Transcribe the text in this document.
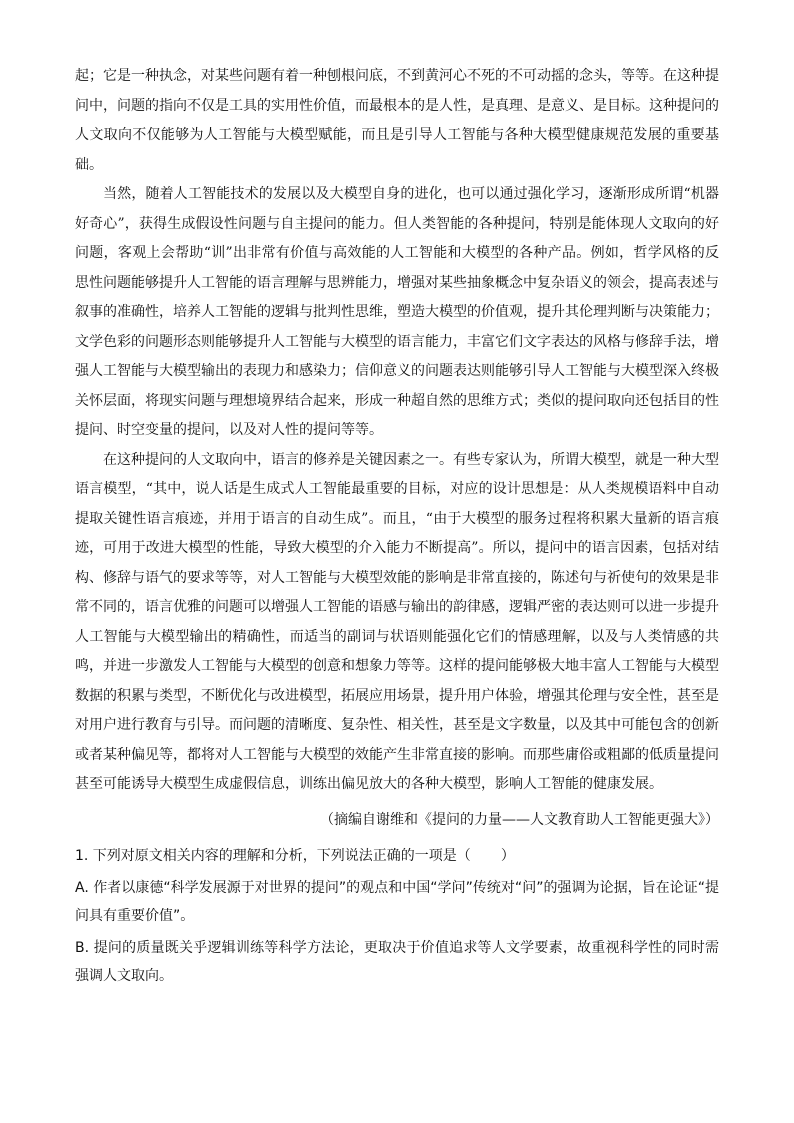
起；它是一种执念，对某些问题有着一种刨根问底，不到黄河心不死的不可动摇的念头，等等。在这种提问中，问题的指向不仅是工具的实用性价值，而最根本的是人性，是真理、是意义、是目标。这种提问的人文取向不仅能够为人工智能与大模型赋能，而且是引导人工智能与各种大模型健康规范发展的重要基础。

当然，随着人工智能技术的发展以及大模型自身的进化，也可以通过强化学习，逐渐形成所谓“机器好奇心”，获得生成假设性问题与自主提问的能力。但人类智能的各种提问，特别是能体现人文取向的好问题，客观上会帮助“训”出非常有价值与高效能的人工智能和大模型的各种产品。例如，哲学风格的反思性问题能够提升人工智能的语言理解与思辨能力，增强对某些抽象概念中复杂语义的领会，提高表述与叙事的准确性，培养人工智能的逻辑与批判性思维，塑造大模型的价值观，提升其伦理判断与决策能力；文学色彩的问题形态则能够提升人工智能与大模型的语言能力，丰富它们文字表达的风格与修辞手法，增强人工智能与大模型输出的表现力和感染力；信仰意义的问题表达则能够引导人工智能与大模型深入终极关怀层面，将现实问题与理想境界结合起来，形成一种超自然的思维方式；类似的提问取向还包括目的性提问、时空变量的提问，以及对人性的提问等等。

在这种提问的人文取向中，语言的修养是关键因素之一。有些专家认为，所谓大模型，就是一种大型语言模型，“其中，说人话是生成式人工智能最重要的目标，对应的设计思想是：从人类规模语料中自动提取关键性语言痕迹，并用于语言的自动生成”。而且，“由于大模型的服务过程将积累大量新的语言痕迹，可用于改进大模型的性能，导致大模型的介入能力不断提高”。所以，提问中的语言因素，包括对结构、修辞与语气的要求等等，对人工智能与大模型效能的影响是非常直接的，陈述句与祈使句的效果是非常不同的，语言优雅的问题可以增强人工智能的语感与输出的韵律感，逻辑严密的表达则可以进一步提升人工智能与大模型输出的精确性，而适当的副词与状语则能强化它们的情感理解，以及与人类情感的共鸣，并进一步激发人工智能与大模型的创意和想象力等等。这样的提问能够极大地丰富人工智能与大模型数据的积累与类型，不断优化与改进模型，拓展应用场景，提升用户体验，增强其伦理与安全性，甚至是对用户进行教育与引导。而问题的清晰度、复杂性、相关性，甚至是文字数量，以及其中可能包含的创新或者某种偏见等，都将对人工智能与大模型的效能产生非常直接的影响。而那些庸俗或粗鄙的低质量提问甚至可能诱导大模型生成虚假信息，训练出偏见放大的各种大模型，影响人工智能的健康发展。

（摘编自谢维和《提问的力量——人文教育助人工智能更强大》）

1. 下列对原文相关内容的理解和分析，下列说法正确的一项是（ ）

A. 作者以康德“科学发展源于对世界的提问”的观点和中国“学问”传统对“问”的强调为论据，旨在论证“提问具有重要价值”。

B. 提问的质量既关乎逻辑训练等科学方法论，更取决于价值追求等人文学要素，故重视科学性的同时需强调人文取向。
